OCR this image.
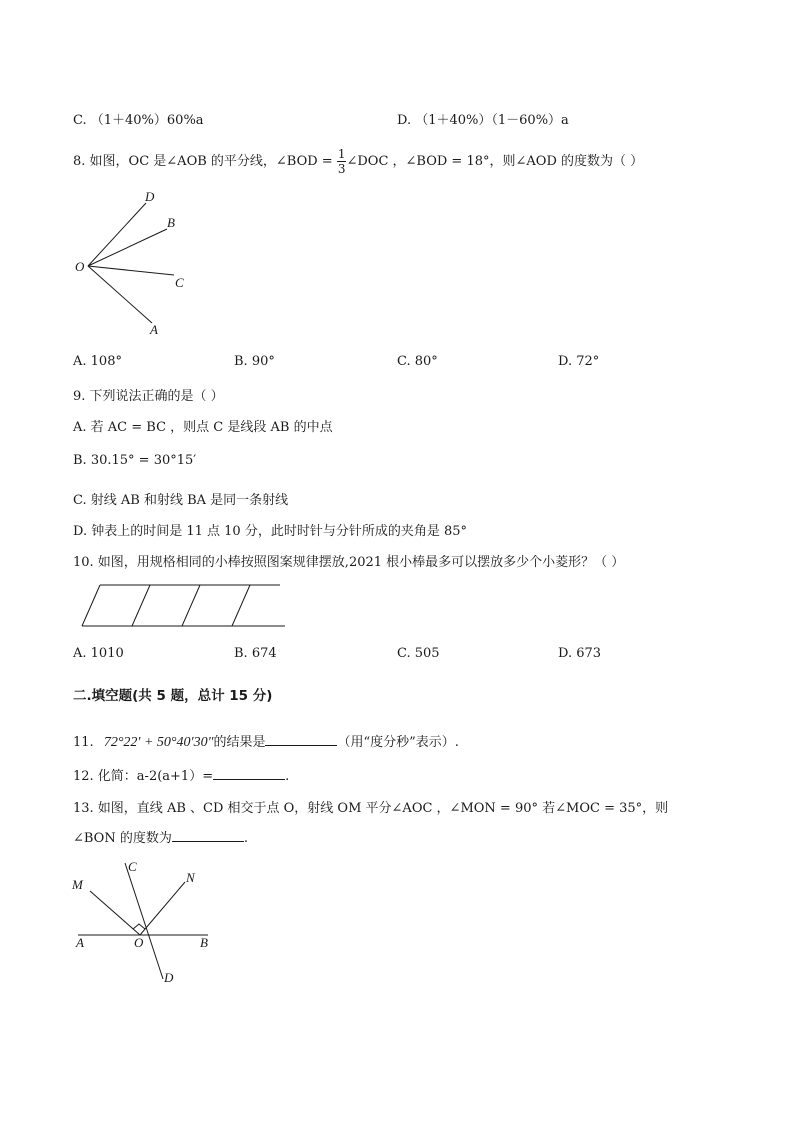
C. （1＋40%）60%a	D. （1＋40%）（1－60%）a
8. 如图，OC 是∠AOB 的平分线，∠BOD = $\frac{1}{3}$ ∠DOC ，∠BOD = 18°，则∠AOD 的度数为（ ）
D
B
O
C
A
A. 108°	B. 90°	C. 80°	D. 72°
9. 下列说法正确的是（ ）
A. 若 AC = BC ，则点 C 是线段 AB 的中点
B. 30.15° = 30°15′
C. 射线 AB 和射线 BA 是同一条射线
D. 钟表上的时间是 11 点 10 分，此时时针与分针所成的夹角是 85°
10. 如图，用规格相同的小棒按照图案规律摆放,2021 根小棒最多可以摆放多少个小菱形？（ ）
A. 1010	B. 674	C. 505	D. 673
二.填空题(共 5 题，总计 15 分)
11. 72°22′ + 50°40′30″的结果是	（用“度分秒”表示）.
12. 化简：a-2(a+1）=	.
13. 如图，直线 AB 、CD 相交于点 O，射线 OM 平分∠AOC ，∠MON = 90° 若∠MOC = 35°，则
∠BON 的度数为	.
C
M	N
A	O	B
D
